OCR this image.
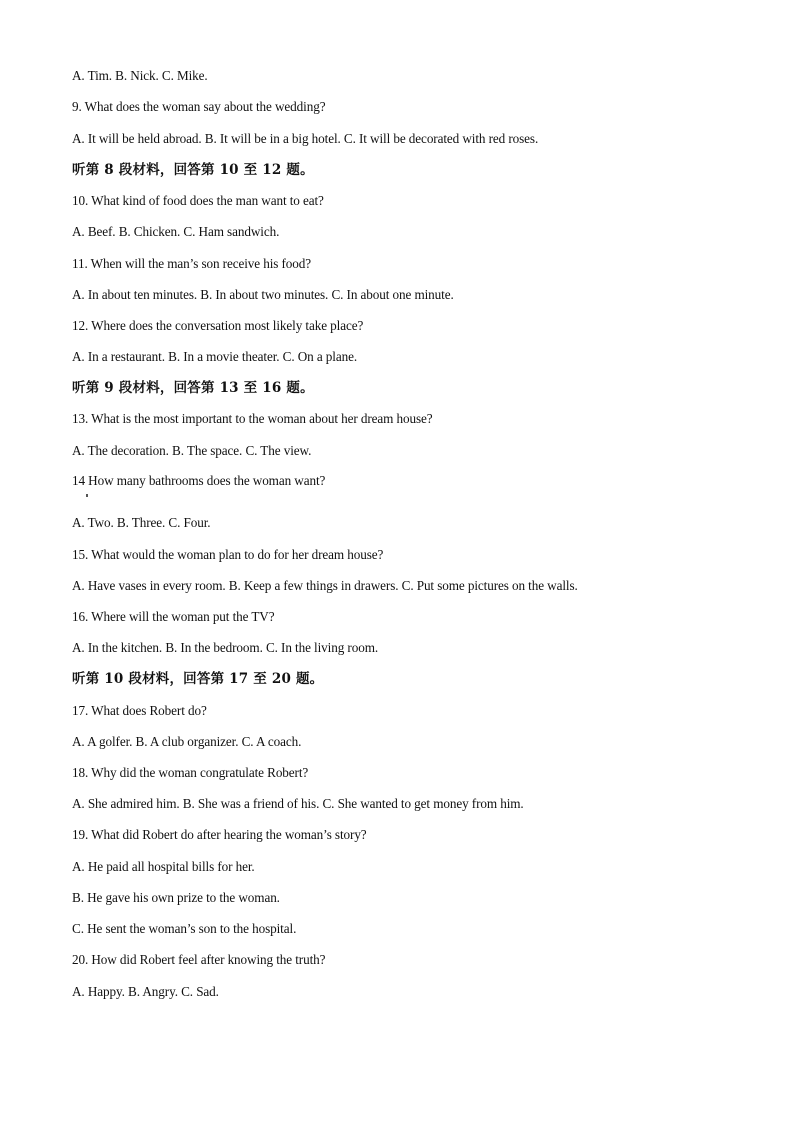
A. Tim. B. Nick. C. Mike.
9. What does the woman say about the wedding?
A. It will be held abroad. B. It will be in a big hotel. C. It will be decorated with red roses.
听第 8 段材料，回答第 10 至 12 题。
10. What kind of food does the man want to eat?
A. Beef. B. Chicken. C. Ham sandwich.
11. When will the man’s son receive his food?
A. In about ten minutes. B. In about two minutes. C. In about one minute.
12. Where does the conversation most likely take place?
A. In a restaurant. B. In a movie theater. C. On a plane.
听第 9 段材料，回答第 13 至 16 题。
13. What is the most important to the woman about her dream house?
A. The decoration. B. The space. C. The view.
14 How many bathrooms does the woman want?
A. Two. B. Three. C. Four.
15. What would the woman plan to do for her dream house?
A. Have vases in every room. B. Keep a few things in drawers. C. Put some pictures on the walls.
16. Where will the woman put the TV?
A. In the kitchen. B. In the bedroom. C. In the living room.
听第 10 段材料，回答第 17 至 20 题。
17. What does Robert do?
A. A golfer. B. A club organizer. C. A coach.
18. Why did the woman congratulate Robert?
A. She admired him. B. She was a friend of his. C. She wanted to get money from him.
19. What did Robert do after hearing the woman’s story?
A. He paid all hospital bills for her.
B. He gave his own prize to the woman.
C. He sent the woman’s son to the hospital.
20. How did Robert feel after knowing the truth?
A. Happy. B. Angry. C. Sad.
